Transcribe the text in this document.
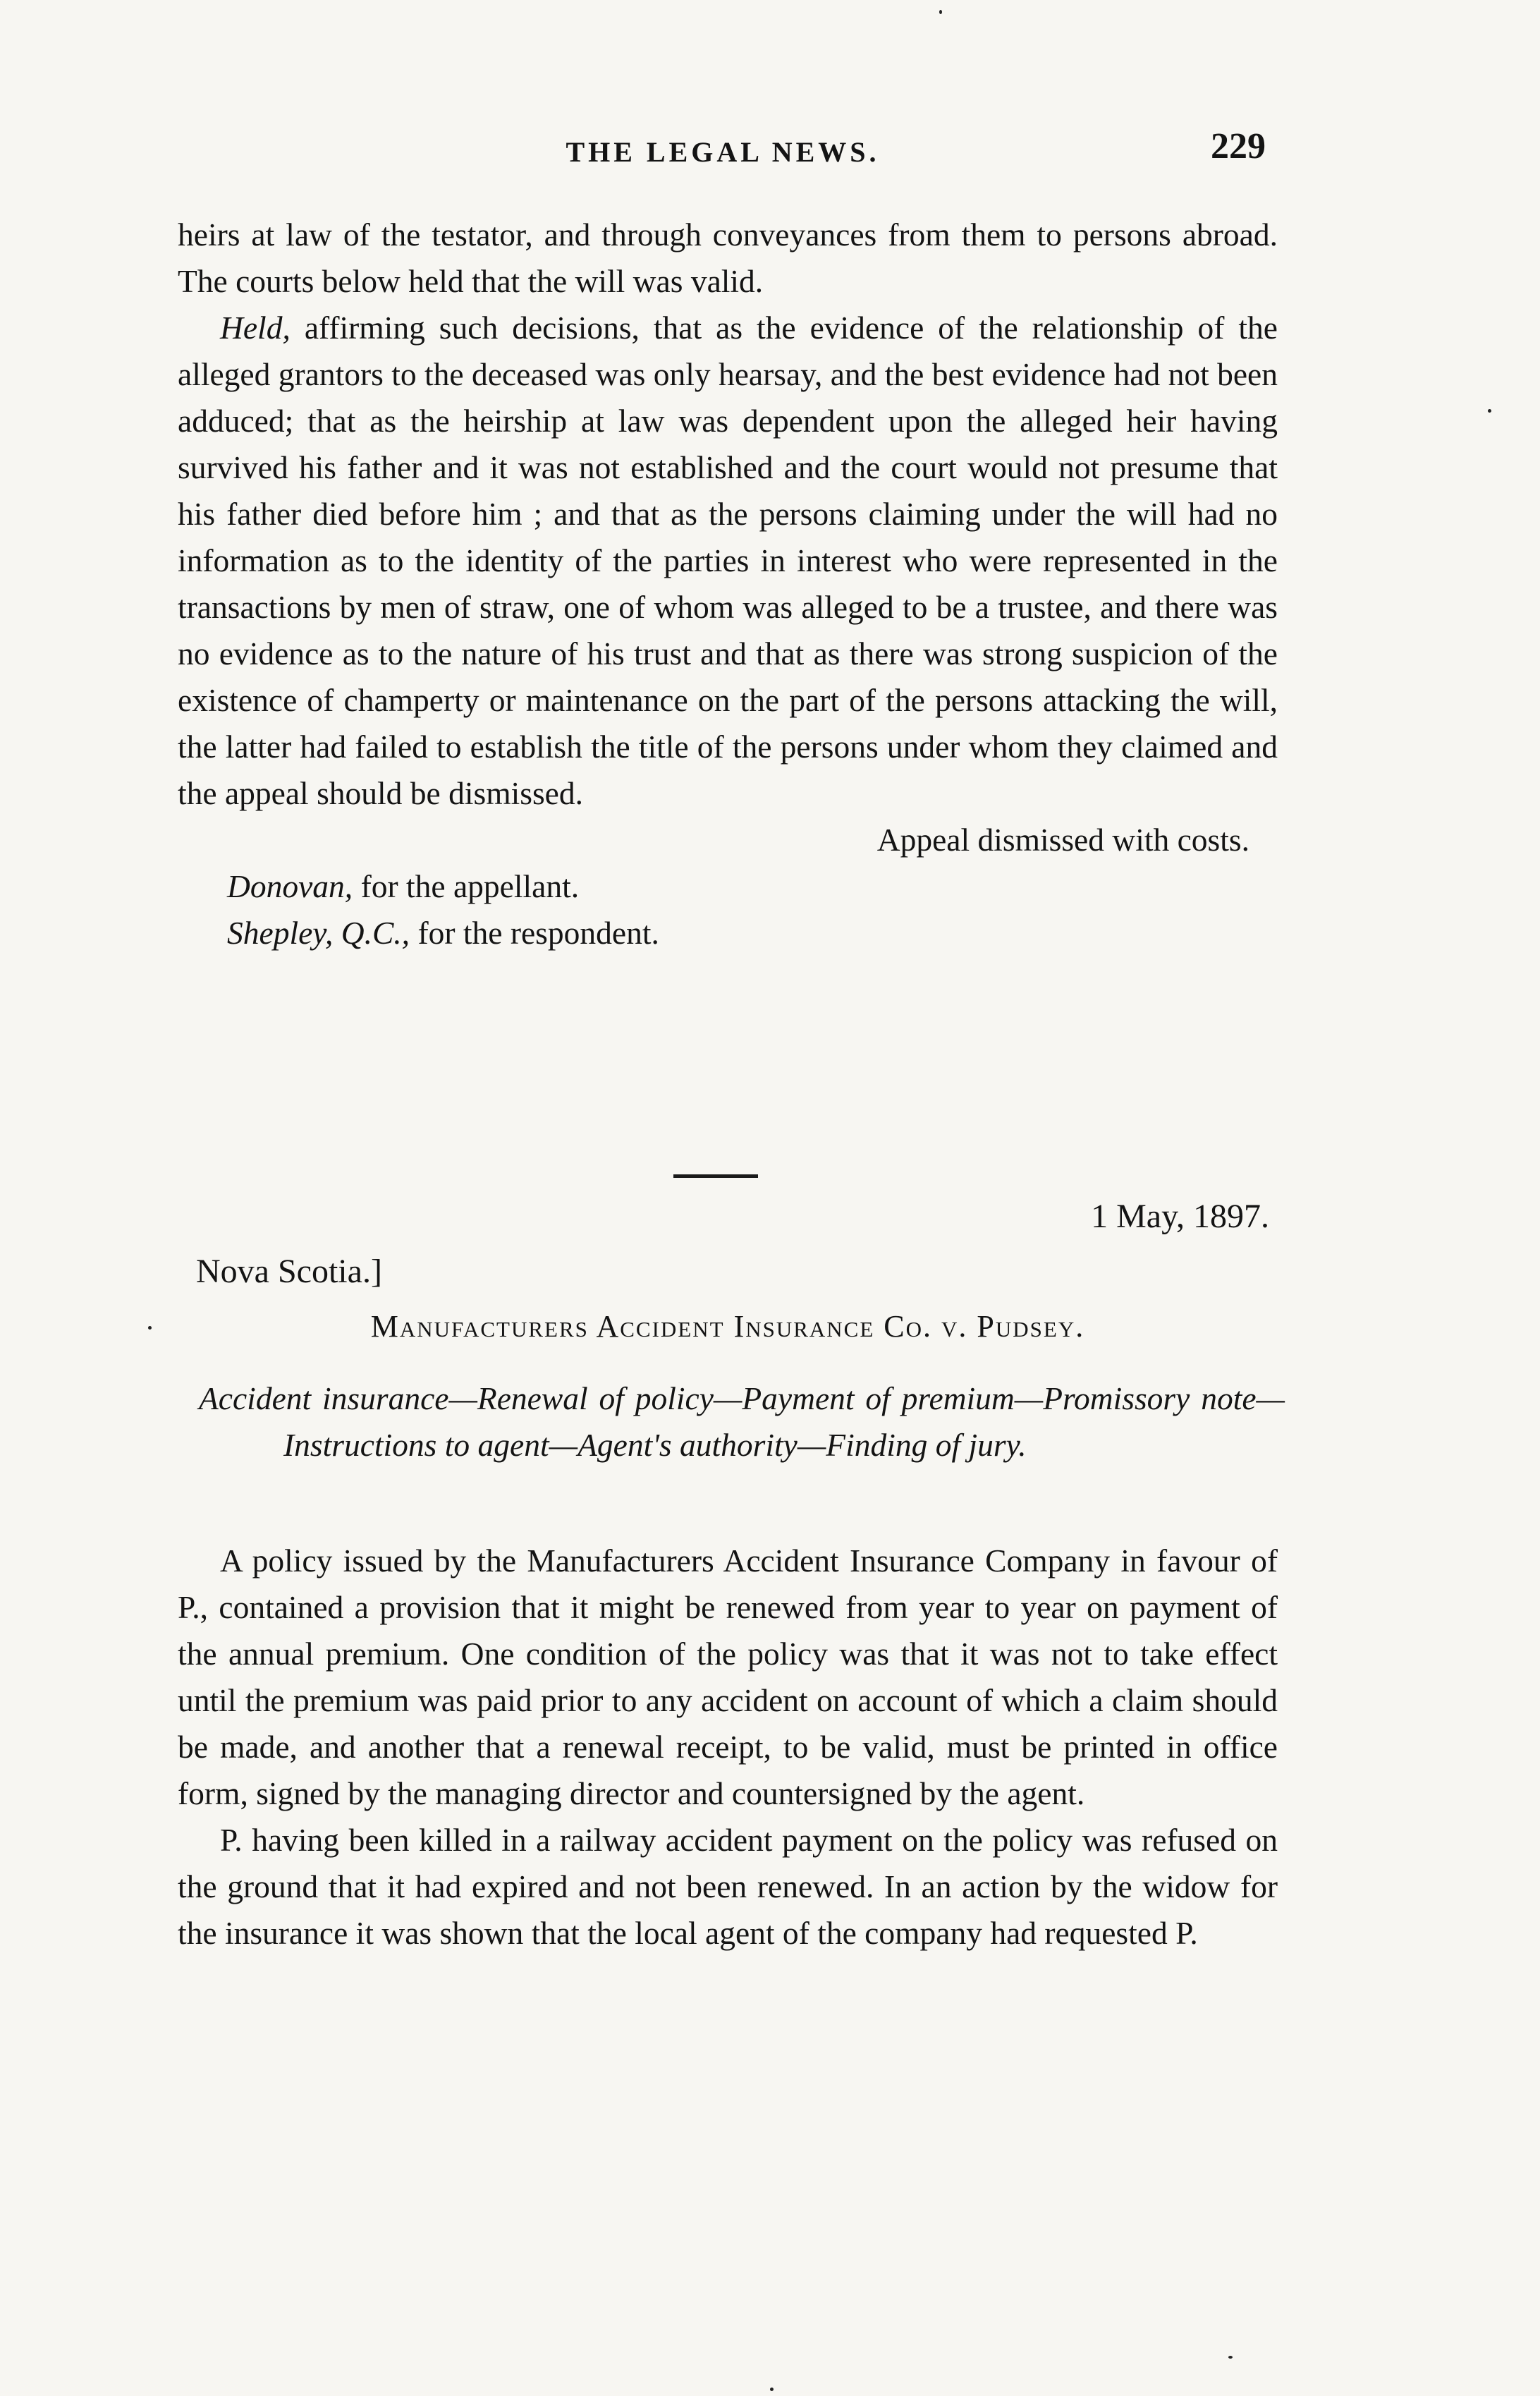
THE LEGAL NEWS.	229

heirs at law of the testator, and through conveyances from them to persons abroad. The courts below held that the will was valid.

Held, affirming such decisions, that as the evidence of the relationship of the alleged grantors to the deceased was only hearsay, and the best evidence had not been adduced; that as the heirship at law was dependent upon the alleged heir having survived his father and it was not established and the court would not presume that his father died before him ; and that as the persons claiming under the will had no information as to the identity of the parties in interest who were represented in the transactions by men of straw, one of whom was alleged to be a trustee, and there was no evidence as to the nature of his trust and that as there was strong suspicion of the existence of champerty or maintenance on the part of the persons attacking the will, the latter had failed to establish the title of the persons under whom they claimed and the appeal should be dismissed.

Appeal dismissed with costs.

Donovan, for the appellant.

Shepley, Q.C., for the respondent.

1 May, 1897.
Nova Scotia.]
Manufacturers Accident Insurance Co. v. Pudsey.
Accident insurance—Renewal of policy—Payment of premium—Promissory note—Instructions to agent—Agent's authority—Finding of jury.

A policy issued by the Manufacturers Accident Insurance Company in favour of P., contained a provision that it might be renewed from year to year on payment of the annual premium. One condition of the policy was that it was not to take effect until the premium was paid prior to any accident on account of which a claim should be made, and another that a renewal receipt, to be valid, must be printed in office form, signed by the managing director and countersigned by the agent.

P. having been killed in a railway accident payment on the policy was refused on the ground that it had expired and not been renewed. In an action by the widow for the insurance it was shown that the local agent of the company had requested P.
